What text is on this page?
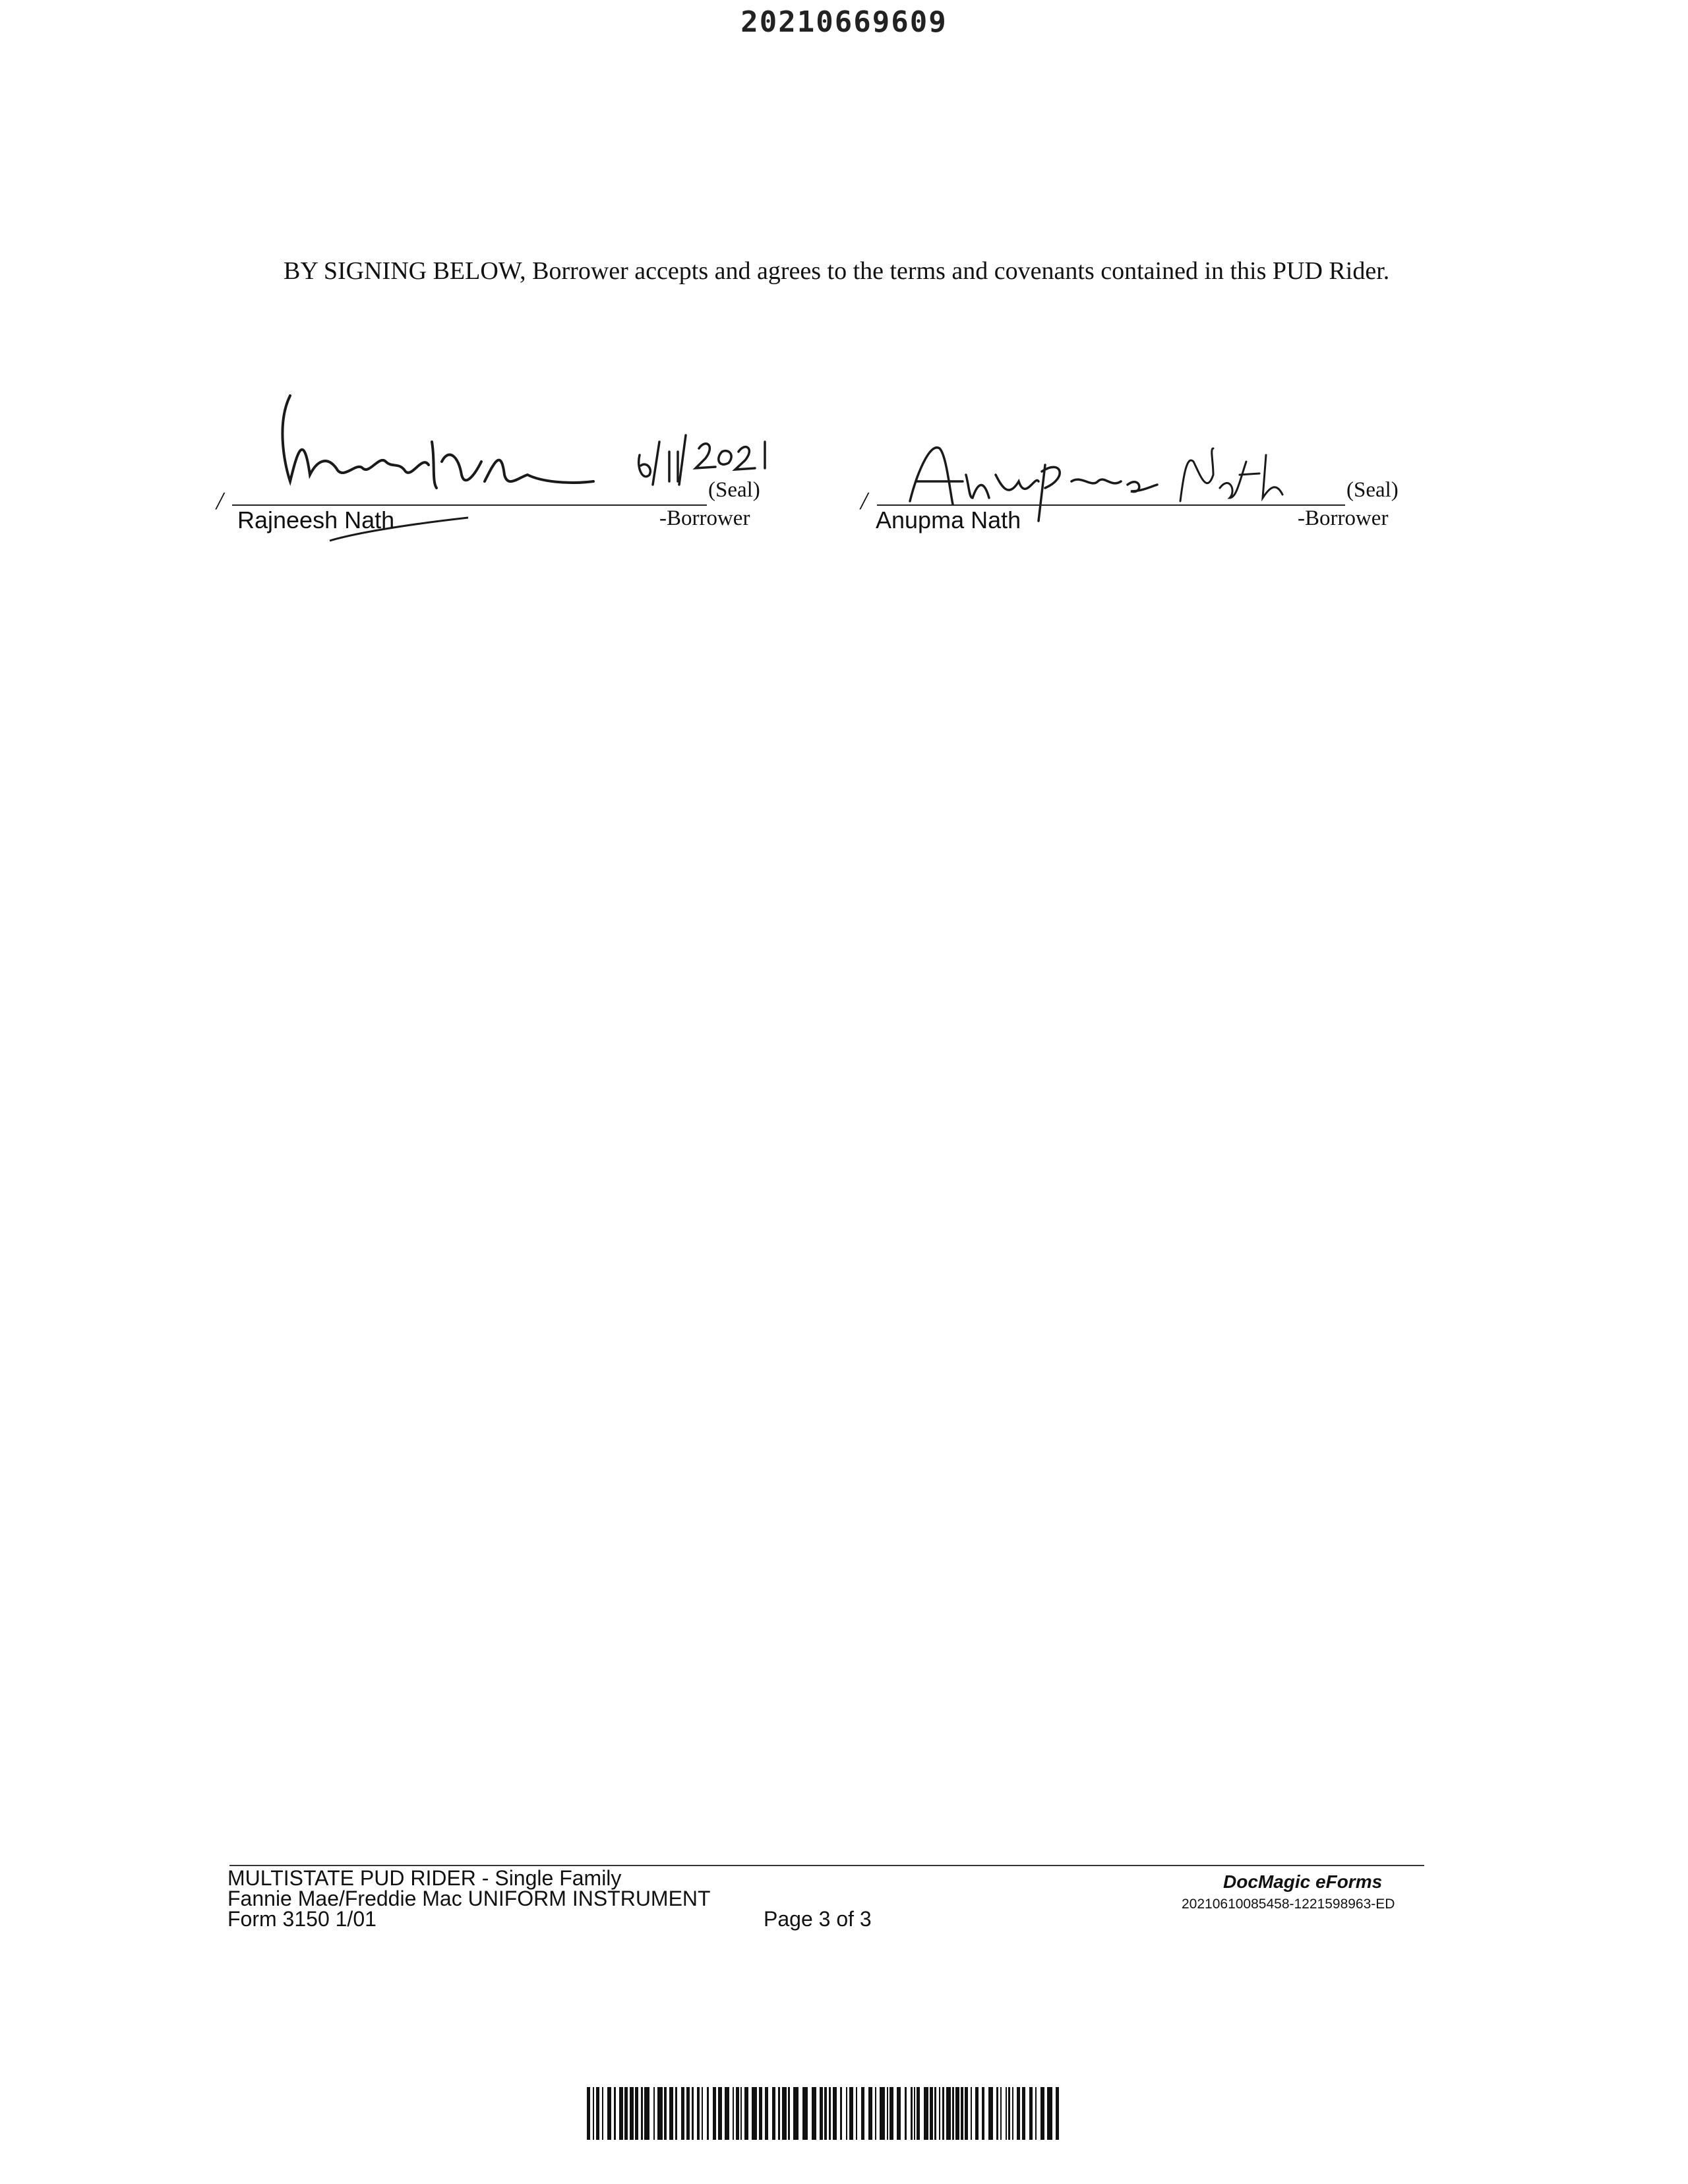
20210669609
BY SIGNING BELOW, Borrower accepts and agrees to the terms and covenants contained in this PUD Rider.
/	(Seal)
Rajneesh Nath	-Borrower
/	(Seal)
Anupma Nath	-Borrower
MULTISTATE PUD RIDER - Single Family
Fannie Mae/Freddie Mac UNIFORM INSTRUMENT
Form 3150 1/01	Page 3 of 3
DocMagic eForms
20210610085458-1221598963-ED
